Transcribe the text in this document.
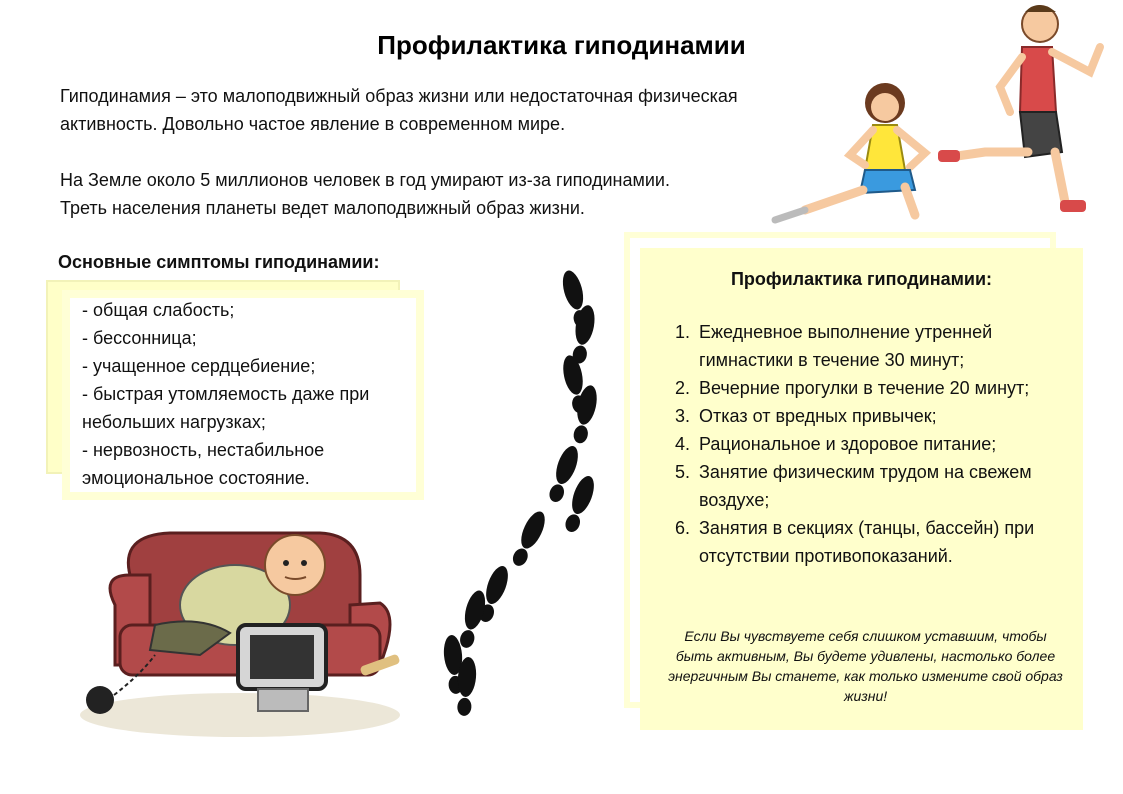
Профилактика гиподинамии

Гиподинамия – это малоподвижный образ жизни или недостаточная физическая
активность. Довольно частое явление в современном мире.

На Земле около 5 миллионов человек в год умирают из-за гиподинамии.
Треть населения планеты ведет малоподвижный образ жизни.

Основные симптомы гиподинамии:
- общая слабость;
- бессонница;
- учащенное сердцебиение;
- быстрая утомляемость даже при небольших нагрузках;
- нервозность, нестабильное эмоциональное состояние.
Профилактика гиподинамии:
1. Ежедневное выполнение утренней гимнастики в течение 30 минут;
2. Вечерние прогулки в течение 20 минут;
3. Отказ от вредных привычек;
4. Рациональное и здоровое питание;
5. Занятие физическим трудом на свежем воздухе;
6. Занятия в секциях (танцы, бассейн) при отсутствии противопоказаний.

Если Вы чувствуете себя слишком уставшим, чтобы быть активным, Вы будете удивлены, настолько более энергичным Вы станете, как только измените свой образ жизни!
